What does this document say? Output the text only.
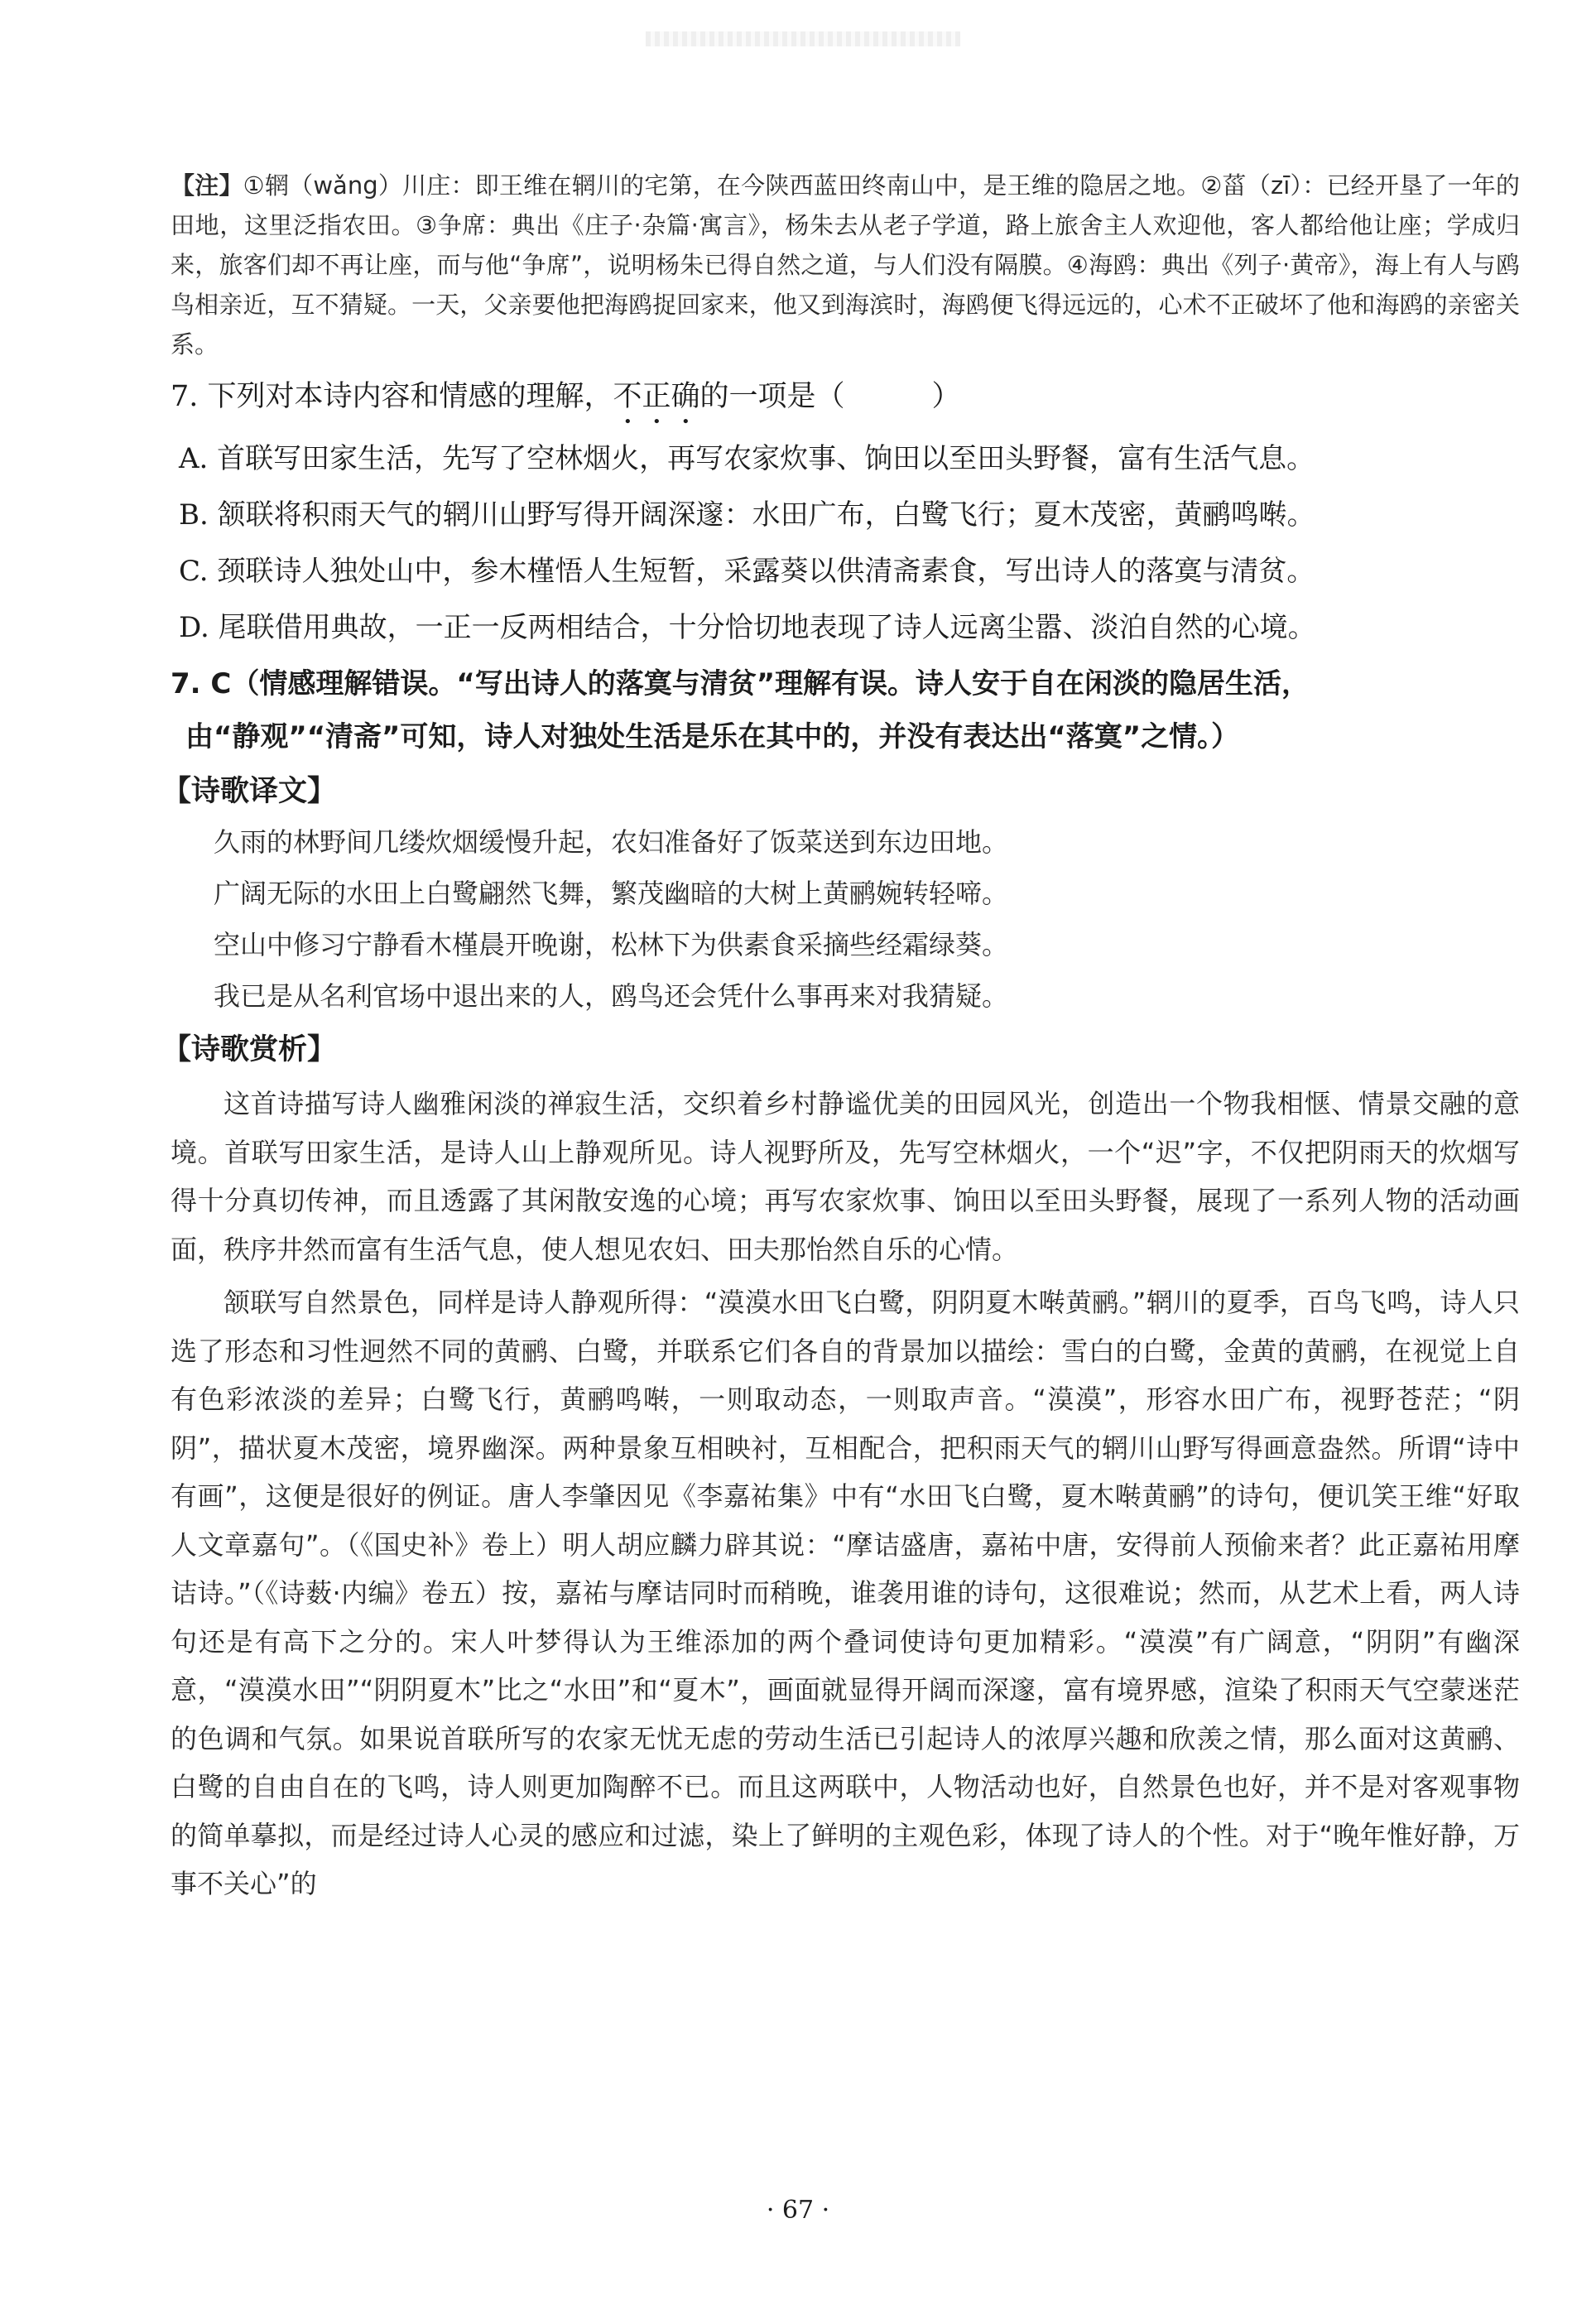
【注】①辋（wǎng）川庄：即王维在辋川的宅第，在今陕西蓝田终南山中，是王维的隐居之地。②菑（zī）：已经开垦了一年的田地，这里泛指农田。③争席：典出《庄子·杂篇·寓言》，杨朱去从老子学道，路上旅舍主人欢迎他，客人都给他让座；学成归来，旅客们却不再让座，而与他“争席”，说明杨朱已得自然之道，与人们没有隔膜。④海鸥：典出《列子·黄帝》，海上有人与鸥鸟相亲近，互不猜疑。一天，父亲要他把海鸥捉回家来，他又到海滨时，海鸥便飞得远远的，心术不正破坏了他和海鸥的亲密关系。

7. 下列对本诗内容和情感的理解，不正确的一项是（　　　）

A. 首联写田家生活，先写了空林烟火，再写农家炊事、饷田以至田头野餐，富有生活气息。

B. 颔联将积雨天气的辋川山野写得开阔深邃：水田广布，白鹭飞行；夏木茂密，黄鹂鸣啭。

C. 颈联诗人独处山中，参木槿悟人生短暂，采露葵以供清斋素食，写出诗人的落寞与清贫。

D. 尾联借用典故，一正一反两相结合，十分恰切地表现了诗人远离尘嚣、淡泊自然的心境。

7. C（情感理解错误。“写出诗人的落寞与清贫”理解有误。诗人安于自在闲淡的隐居生活，
由“静观”“清斋”可知，诗人对独处生活是乐在其中的，并没有表达出“落寞”之情。）

【诗歌译文】

久雨的林野间几缕炊烟缓慢升起，农妇准备好了饭菜送到东边田地。

广阔无际的水田上白鹭翩然飞舞，繁茂幽暗的大树上黄鹂婉转轻啼。

空山中修习宁静看木槿晨开晚谢，松林下为供素食采摘些经霜绿葵。

我已是从名利官场中退出来的人，鸥鸟还会凭什么事再来对我猜疑。

【诗歌赏析】

这首诗描写诗人幽雅闲淡的禅寂生活，交织着乡村静谧优美的田园风光，创造出一个物我相惬、情景交融的意境。首联写田家生活，是诗人山上静观所见。诗人视野所及，先写空林烟火，一个“迟”字，不仅把阴雨天的炊烟写得十分真切传神，而且透露了其闲散安逸的心境；再写农家炊事、饷田以至田头野餐，展现了一系列人物的活动画面，秩序井然而富有生活气息，使人想见农妇、田夫那怡然自乐的心情。

颔联写自然景色，同样是诗人静观所得：“漠漠水田飞白鹭，阴阴夏木啭黄鹂。”辋川的夏季，百鸟飞鸣，诗人只选了形态和习性迥然不同的黄鹂、白鹭，并联系它们各自的背景加以描绘：雪白的白鹭，金黄的黄鹂，在视觉上自有色彩浓淡的差异；白鹭飞行，黄鹂鸣啭，一则取动态，一则取声音。“漠漠”，形容水田广布，视野苍茫；“阴阴”，描状夏木茂密，境界幽深。两种景象互相映衬，互相配合，把积雨天气的辋川山野写得画意盎然。所谓“诗中有画”，这便是很好的例证。唐人李肇因见《李嘉祐集》中有“水田飞白鹭，夏木啭黄鹂”的诗句，便讥笑王维“好取人文章嘉句”。（《国史补》卷上）明人胡应麟力辟其说：“摩诘盛唐，嘉祐中唐，安得前人预偷来者？此正嘉祐用摩诘诗。”（《诗薮·内编》卷五）按，嘉祐与摩诘同时而稍晚，谁袭用谁的诗句，这很难说；然而，从艺术上看，两人诗句还是有高下之分的。宋人叶梦得认为王维添加的两个叠词使诗句更加精彩。“漠漠”有广阔意，“阴阴”有幽深意，“漠漠水田”“阴阴夏木”比之“水田”和“夏木”，画面就显得开阔而深邃，富有境界感，渲染了积雨天气空蒙迷茫的色调和气氛。如果说首联所写的农家无忧无虑的劳动生活已引起诗人的浓厚兴趣和欣羡之情，那么面对这黄鹂、白鹭的自由自在的飞鸣，诗人则更加陶醉不已。而且这两联中，人物活动也好，自然景色也好，并不是对客观事物的简单摹拟，而是经过诗人心灵的感应和过滤，染上了鲜明的主观色彩，体现了诗人的个性。对于“晚年惟好静，万事不关心”的

· 67 ·
